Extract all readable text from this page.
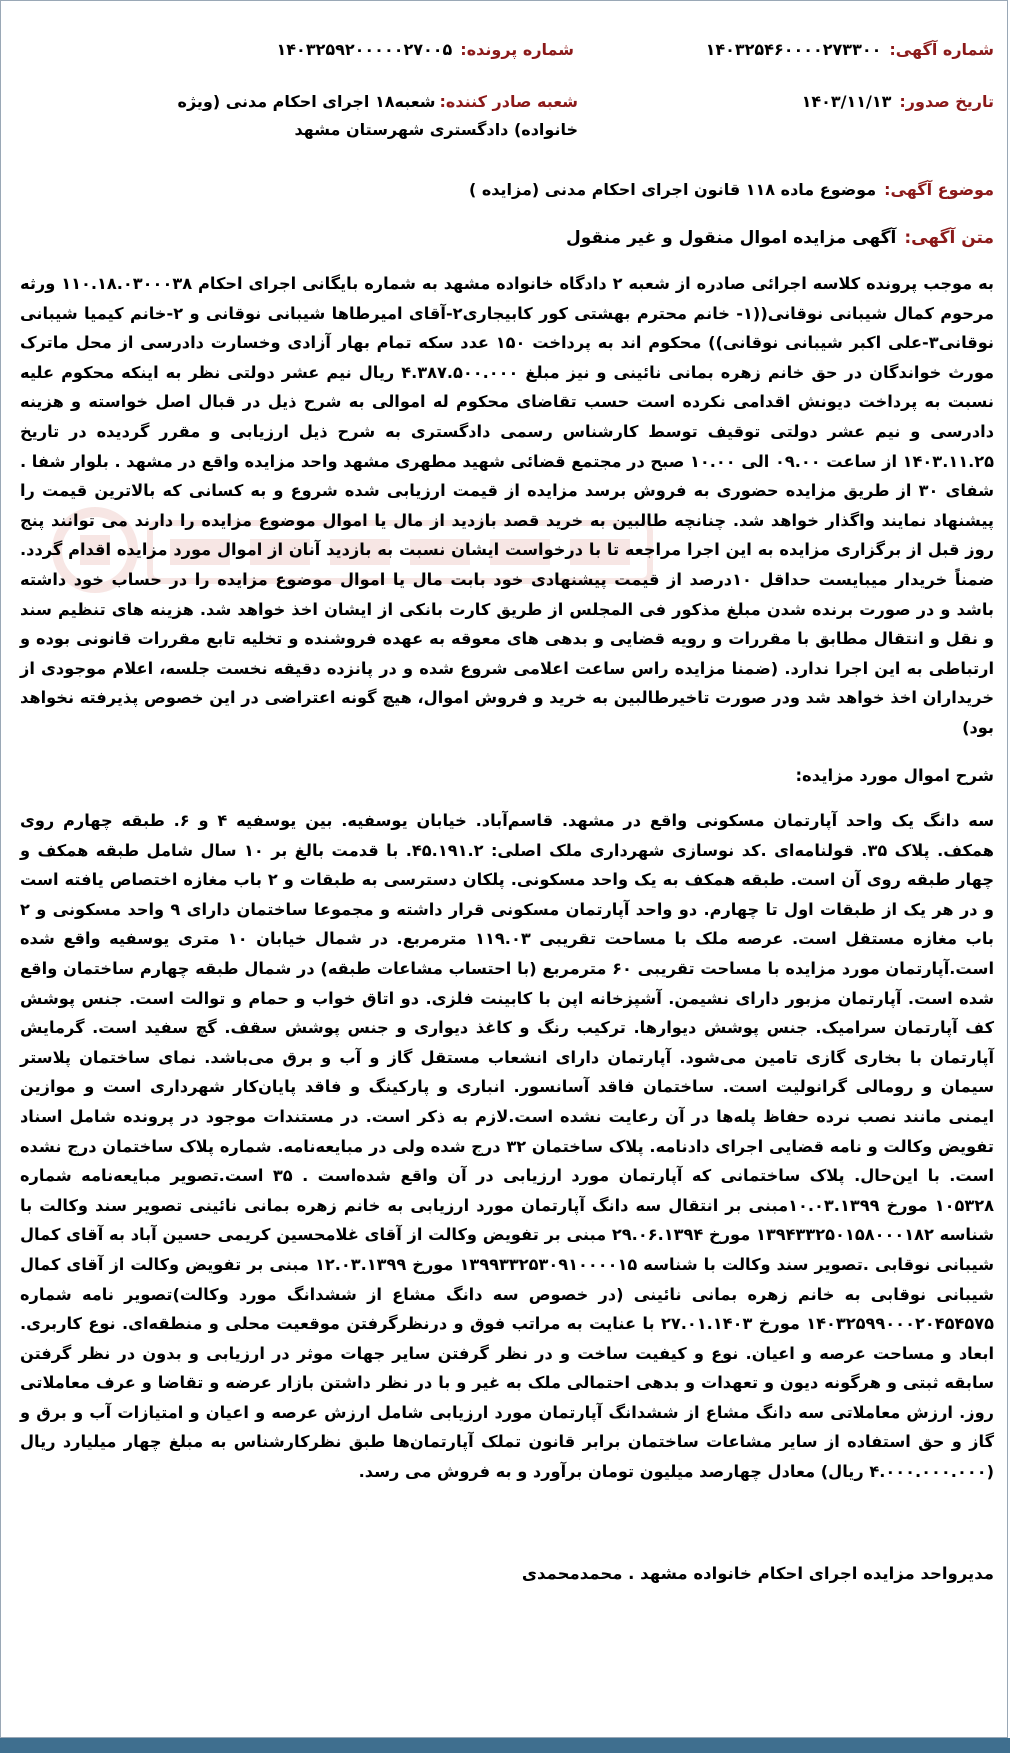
شماره آگهی:۱۴۰۳۲۵۴۶۰۰۰۰۲۷۳۳۰۰
شماره پرونده:۱۴۰۳۲۵۹۲۰۰۰۰۰۲۷۰۰۵
تاریخ صدور:۱۴۰۳/۱۱/۱۳
شعبه صادر کننده:شعبه۱۸ اجرای احکام مدنی (ویژه خانواده) دادگستری شهرستان مشهد
موضوع آگهی:موضوع ماده ۱۱۸ قانون اجرای احکام مدنی (مزایده )
متن آگهی:آگهی مزایده اموال منقول و غیر منقول

به موجب پرونده کلاسه اجرائی صادره از شعبه ۲ دادگاه خانواده مشهد به شماره بایگانی اجرای احکام ۱۱۰.۱۸.۰۳۰۰۰۳۸ ورثه مرحوم کمال شیبانی نوقانی((۱- خانم محترم بهشتی کور کابیجاری۲-آقای امیرطاها شیبانی نوقانی و ۲-خانم کیمیا شیبانی نوقانی۳-علی اکبر شیبانی نوقانی)) محکوم اند به پرداخت ۱۵۰ عدد سکه تمام بهار آزادی وخسارت دادرسی از محل ماترک مورث خواندگان در حق خانم زهره بمانی نائینی و نیز مبلغ ۴.۳۸۷.۵۰۰.۰۰۰ ریال نیم عشر دولتی نظر به اینکه محکوم علیه نسبت به پرداخت دیونش اقدامی نکرده است حسب تقاضای محکوم له اموالی به شرح ذیل در قبال اصل خواسته و هزینه دادرسی و نیم عشر دولتی توقیف توسط کارشناس رسمی دادگستری به شرح ذیل ارزیابی و مقرر گردیده در تاریخ ۱۴۰۳.۱۱.۲۵ از ساعت ۰۹.۰۰ الی ۱۰.۰۰ صبح در مجتمع قضائی شهید مطهری مشهد واحد مزایده واقع در مشهد . بلوار شفا . شفای ۳۰ از طریق مزایده حضوری به فروش برسد مزایده از قیمت ارزیابی شده شروع و به کسانی که بالاترین قیمت را پیشنهاد نمایند واگذار خواهد شد. چنانچه طالبین به خرید قصد بازدید از مال یا اموال موضوع مزایده را دارند می توانند پنج روز قبل از برگزاری مزایده به این اجرا مراجعه تا با درخواست ایشان نسبت به بازدید آنان از اموال مورد مزایده اقدام گردد. ضمناً خریدار میبایست حداقل ۱۰درصد از قیمت پیشنهادی خود بابت مال یا اموال موضوع مزایده را در حساب خود داشته باشد و در صورت برنده شدن مبلغ مذکور فی المجلس از طریق کارت بانکی از ایشان اخذ خواهد شد. هزینه های تنظیم سند و نقل و انتقال مطابق با مقررات و رویه قضایی و بدهی های معوقه به عهده فروشنده و تخلیه تابع مقررات قانونی بوده و ارتباطی به این اجرا ندارد. (ضمنا مزایده راس ساعت اعلامی شروع شده و در پانزده دقیقه نخست جلسه، اعلام موجودی از خریداران اخذ خواهد شد ودر صورت تاخیرطالبین به خرید و فروش اموال، هیچ گونه اعتراضی در این خصوص پذیرفته نخواهد بود)

شرح اموال مورد مزایده:

سه دانگ یک واحد آپارتمان مسکونی واقع در مشهد. قاسم‌آباد. خیابان یوسفیه. بین یوسفیه ۴ و ۶. طبقه چهارم روی همکف. پلاک ۳۵. قولنامه‌ای .کد نوسازی شهرداری ملک اصلی: ۴۵.۱۹۱.۲. با قدمت بالغ بر ۱۰ سال شامل طبقه همکف و چهار طبقه روی آن است. طبقه همکف به یک واحد مسکونی. پلکان دسترسی به طبقات و ۲ باب مغازه اختصاص یافته است و در هر یک از طبقات اول تا چهارم. دو واحد آپارتمان مسکونی قرار داشته و مجموعا ساختمان دارای ۹ واحد مسکونی و ۲ باب مغازه مستقل است. عرصه ملک با مساحت تقریبی ۱۱۹.۰۳ مترمربع. در شمال خیابان ۱۰ متری یوسفیه واقع شده است.آپارتمان مورد مزایده با مساحت تقریبی ۶۰ مترمربع (با احتساب مشاعات طبقه) در شمال طبقه چهارم ساختمان واقع شده است. آپارتمان مزبور دارای نشیمن. آشپزخانه اپن با کابینت فلزی. دو اتاق خواب و حمام و توالت است. جنس پوشش کف آپارتمان سرامیک. جنس پوشش دیوارها. ترکیب رنگ و کاغذ دیواری و جنس پوشش سقف. گچ سفید است. گرمایش آپارتمان با بخاری گازی تامین می‌شود. آپارتمان دارای انشعاب مستقل گاز و آب و برق می‌باشد. نمای ساختمان پلاستر سیمان و رومالی گرانولیت است. ساختمان فاقد آسانسور. انباری و پارکینگ و فاقد پایان‌کار شهرداری است و موازین ایمنی مانند نصب نرده حفاظ پله‌ها در آن رعایت نشده است.لازم به ذکر است. در مستندات موجود در پرونده شامل اسناد تفویض وکالت و نامه قضایی اجرای دادنامه. پلاک ساختمان ۳۲ درج شده ولی در مبایعه‌نامه. شماره پلاک ساختمان درج نشده است. با این‌حال. پلاک ساختمانی که آپارتمان مورد ارزیابی در آن واقع شده‌است . ۳۵ است.تصویر مبایعه‌نامه شماره ۱۰۵۳۲۸ مورخ ۱۰.۰۳.۱۳۹۹مبنی بر انتقال سه دانگ آپارتمان مورد ارزیابی به خانم زهره بمانی نائینی تصویر سند وکالت با شناسه ۱۳۹۴۳۳۲۵۰۱۵۸۰۰۰۱۸۲ مورخ ۲۹.۰۶.۱۳۹۴ مبنی بر تفویض وکالت از آقای غلامحسین کریمی حسین آباد به آقای کمال شیبانی نوقابی .تصویر سند وکالت با شناسه ۱۳۹۹۳۳۲۵۳۰۹۱۰۰۰۰۱۵ مورخ ۱۲.۰۳.۱۳۹۹ مبنی بر تفویض وکالت از آقای کمال شیبانی نوقابی به خانم زهره بمانی نائینی (در خصوص سه دانگ مشاع از ششدانگ مورد وکالت)تصویر نامه شماره ۱۴۰۳۲۵۹۹۰۰۰۲۰۴۵۴۵۷۵ مورخ ۲۷.۰۱.۱۴۰۳ با عنایت به مراتب فوق و درنظرگرفتن موقعیت محلی و منطقه‌ای. نوع کاربری. ابعاد و مساحت عرصه و اعیان. نوع و کیفیت ساخت و در نظر گرفتن سایر جهات موثر در ارزیابی و بدون در نظر گرفتن سابقه ثبتی و هرگونه دیون و تعهدات و بدهی احتمالی ملک به غیر و با در نظر داشتن بازار عرضه و تقاضا و عرف معاملاتی روز. ارزش معاملاتی سه دانگ مشاع از ششدانگ آپارتمان مورد ارزیابی شامل ارزش عرصه و اعیان و امتیازات آب و برق و گاز و حق استفاده از سایر مشاعات ساختمان برابر قانون تملک آپارتمان‌ها طبق نظرکارشناس به مبلغ چهار میلیارد ریال (۴.۰۰۰.۰۰۰.۰۰۰ ریال) معادل چهارصد میلیون تومان برآورد و به فروش می رسد.

مدیرواحد مزایده اجرای احکام خانواده مشهد . محمدمحمدی
